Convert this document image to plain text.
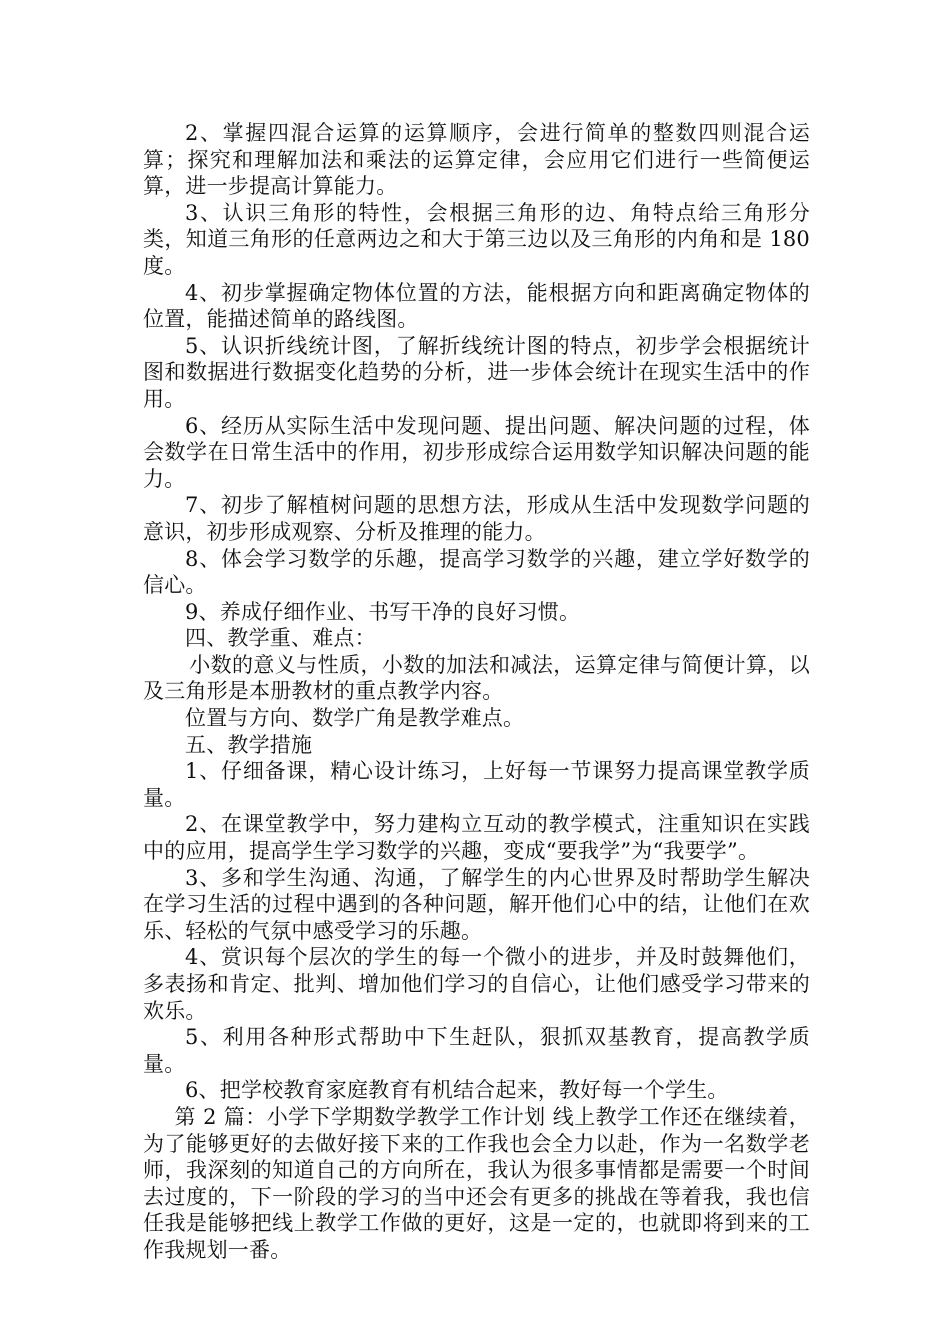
2、掌握四混合运算的运算顺序，会进行简单的整数四则混合运算；探究和理解加法和乘法的运算定律，会应用它们进行一些简便运算，进一步提高计算能力。

3、认识三角形的特性，会根据三角形的边、角特点给三角形分类，知道三角形的任意两边之和大于第三边以及三角形的内角和是 180 度。

4、初步掌握确定物体位置的方法，能根据方向和距离确定物体的位置，能描述简单的路线图。

5、认识折线统计图，了解折线统计图的特点，初步学会根据统计图和数据进行数据变化趋势的分析，进一步体会统计在现实生活中的作用。

6、经历从实际生活中发现问题、提出问题、解决问题的过程，体会数学在日常生活中的作用，初步形成综合运用数学知识解决问题的能力。

7、初步了解植树问题的思想方法，形成从生活中发现数学问题的意识，初步形成观察、分析及推理的能力。

8、体会学习数学的乐趣，提高学习数学的兴趣，建立学好数学的信心。

9、养成仔细作业、书写干净的良好习惯。

四、教学重、难点：

小数的意义与性质，小数的加法和减法，运算定律与简便计算，以及三角形是本册教材的重点教学内容。

位置与方向、数学广角是教学难点。

五、教学措施

1、仔细备课，精心设计练习，上好每一节课努力提高课堂教学质量。

2、在课堂教学中，努力建构立互动的教学模式，注重知识在实践中的应用，提高学生学习数学的兴趣，变成“要我学”为“我要学”。

3、多和学生沟通、沟通，了解学生的内心世界及时帮助学生解决在学习生活的过程中遇到的各种问题，解开他们心中的结，让他们在欢乐、轻松的气氛中感受学习的乐趣。

4、赏识每个层次的学生的每一个微小的进步，并及时鼓舞他们，多表扬和肯定、批判、增加他们学习的自信心，让他们感受学习带来的欢乐。

5、利用各种形式帮助中下生赶队，狠抓双基教育，提高教学质量。

6、把学校教育家庭教育有机结合起来，教好每一个学生。

第 2 篇：小学下学期数学教学工作计划 线上教学工作还在继续着，为了能够更好的去做好接下来的工作我也会全力以赴，作为一名数学老师，我深刻的知道自己的方向所在，我认为很多事情都是需要一个时间去过度的，下一阶段的学习的当中还会有更多的挑战在等着我，我也信任我是能够把线上教学工作做的更好，这是一定的，也就即将到来的工作我规划一番。
